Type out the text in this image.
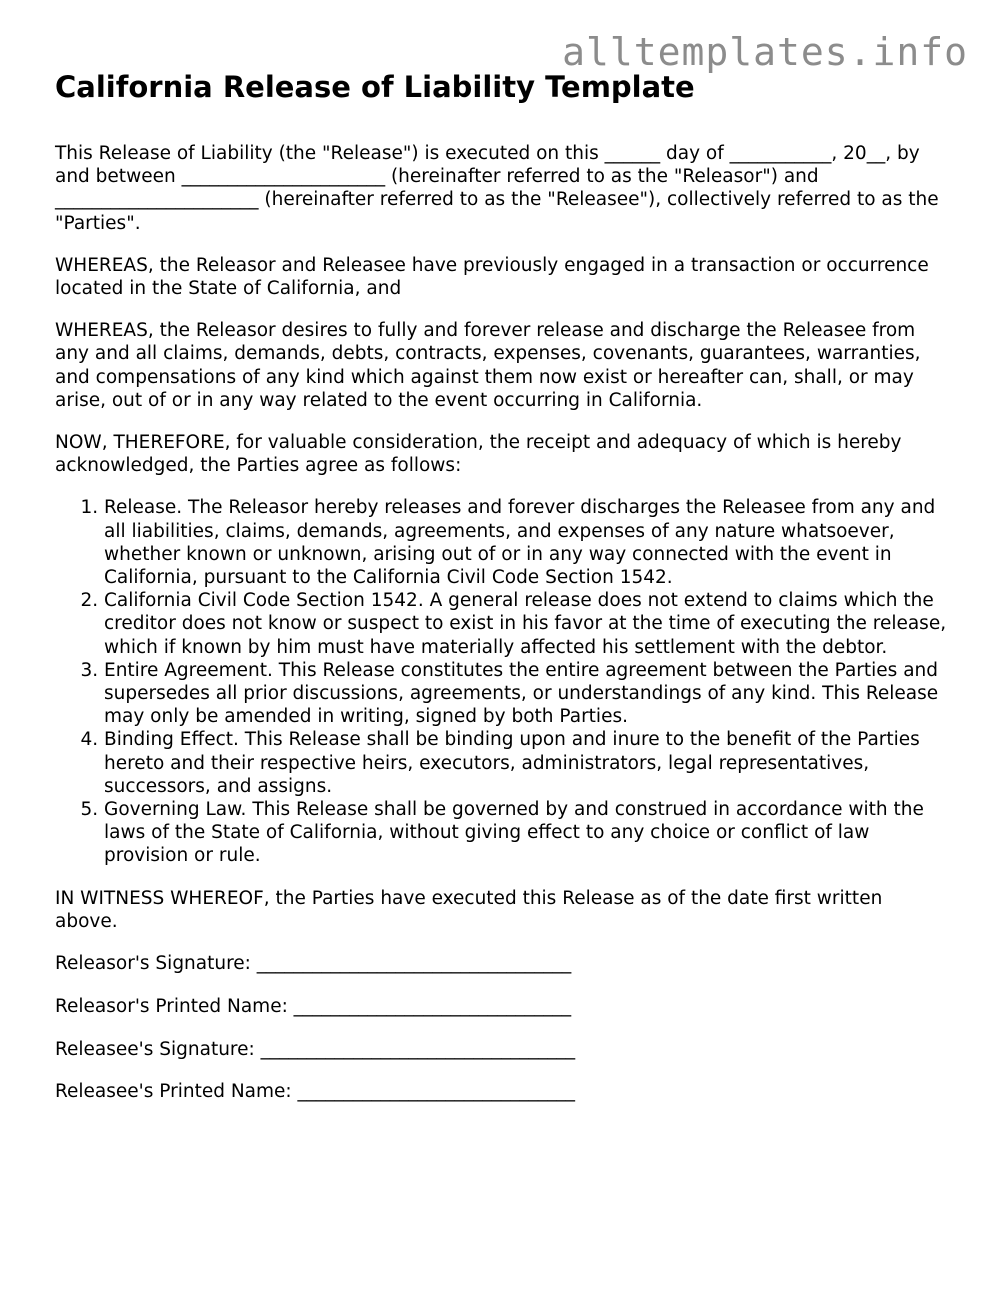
alltemplates.info
California Release of Liability Template

This Release of Liability (the "Release") is executed on this ______ day of ___________, 20__, by and between ______________________ (hereinafter referred to as the "Releasor") and ______________________ (hereinafter referred to as the "Releasee"), collectively referred to as the "Parties".

WHEREAS, the Releasor and Releasee have previously engaged in a transaction or occurrence located in the State of California, and

WHEREAS, the Releasor desires to fully and forever release and discharge the Releasee from any and all claims, demands, debts, contracts, expenses, covenants, guarantees, warranties, and compensations of any kind which against them now exist or hereafter can, shall, or may arise, out of or in any way related to the event occurring in California.

NOW, THEREFORE, for valuable consideration, the receipt and adequacy of which is hereby acknowledged, the Parties agree as follows:

1. Release. The Releasor hereby releases and forever discharges the Releasee from any and all liabilities, claims, demands, agreements, and expenses of any nature whatsoever, whether known or unknown, arising out of or in any way connected with the event in California, pursuant to the California Civil Code Section 1542.
2. California Civil Code Section 1542. A general release does not extend to claims which the creditor does not know or suspect to exist in his favor at the time of executing the release, which if known by him must have materially affected his settlement with the debtor.
3. Entire Agreement. This Release constitutes the entire agreement between the Parties and supersedes all prior discussions, agreements, or understandings of any kind. This Release may only be amended in writing, signed by both Parties.
4. Binding Effect. This Release shall be binding upon and inure to the benefit of the Parties hereto and their respective heirs, executors, administrators, legal representatives, successors, and assigns.
5. Governing Law. This Release shall be governed by and construed in accordance with the laws of the State of California, without giving effect to any choice or conflict of law provision or rule.

IN WITNESS WHEREOF, the Parties have executed this Release as of the date first written above.

Releasor's Signature: __________________________________
Releasor's Printed Name: ______________________________
Releasee's Signature: __________________________________
Releasee's Printed Name: ______________________________
